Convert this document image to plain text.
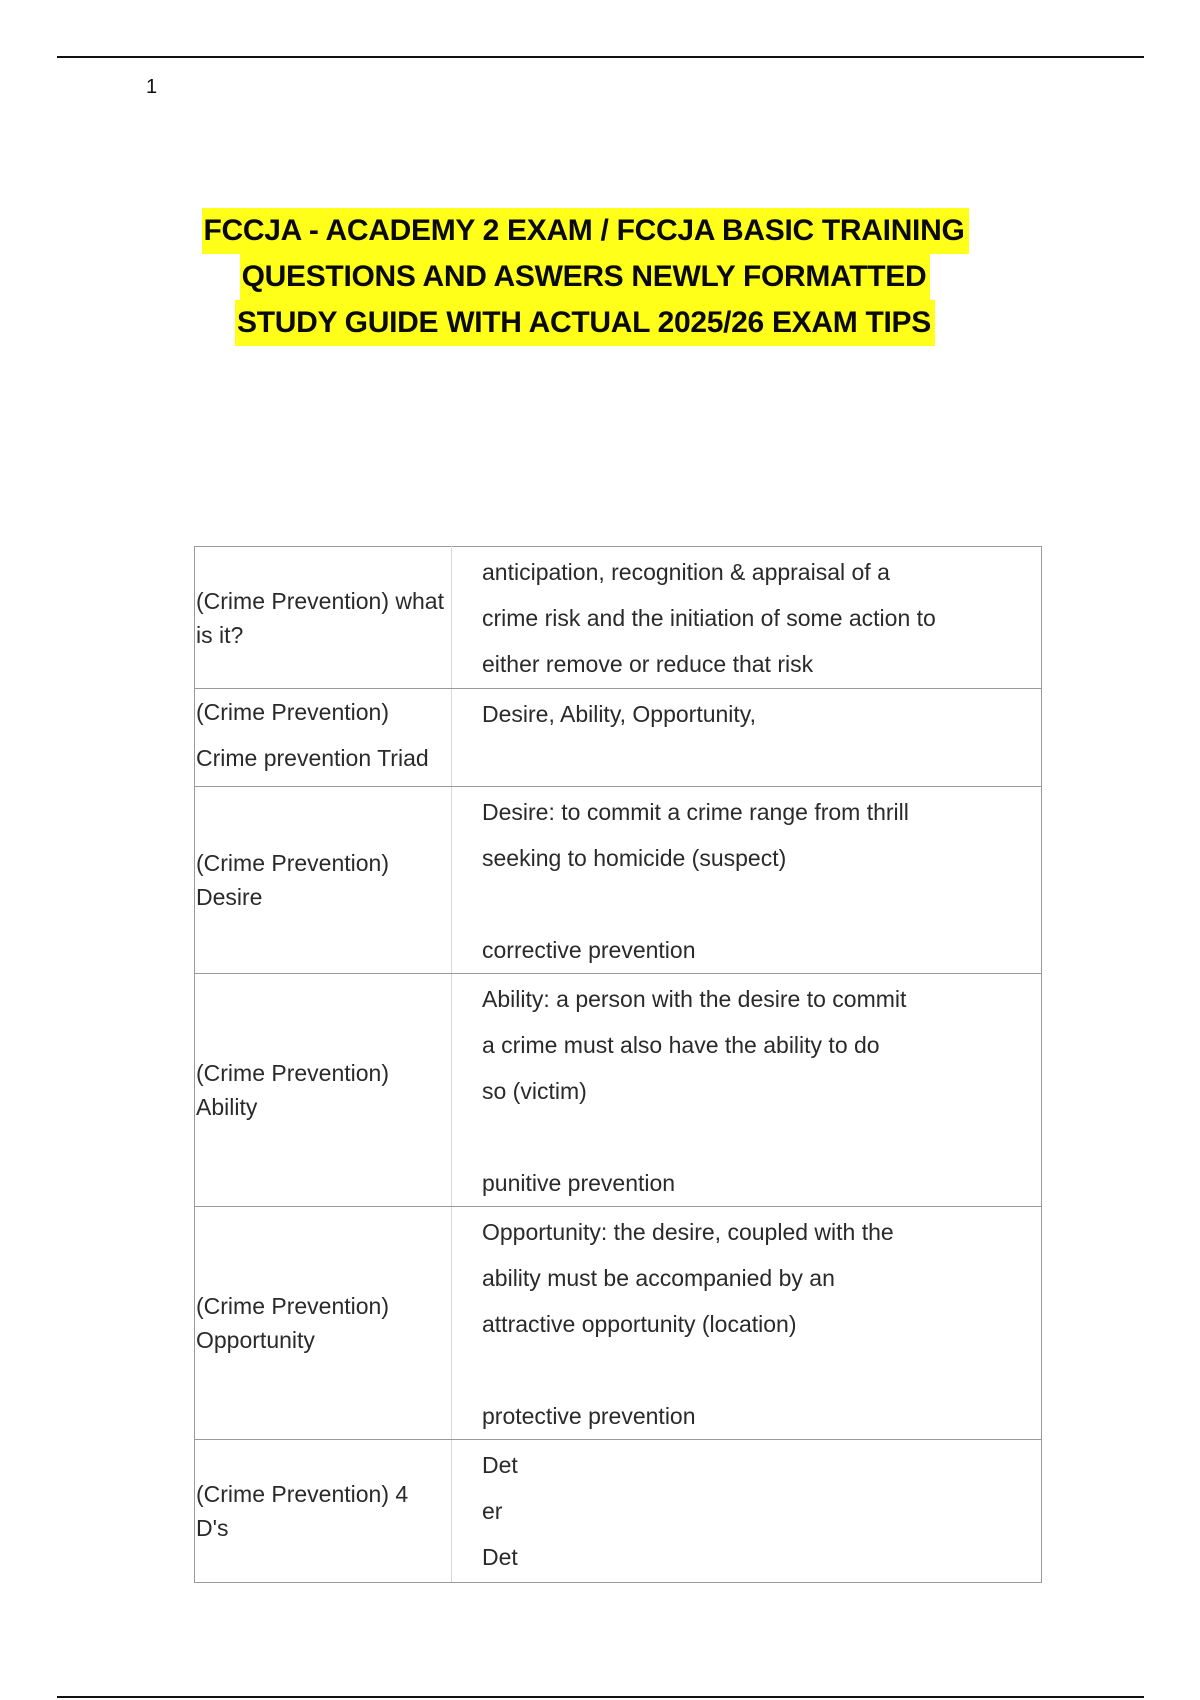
1
FCCJA - ACADEMY 2 EXAM / FCCJA BASIC TRAINING
QUESTIONS AND ASWERS NEWLY FORMATTED
STUDY GUIDE WITH ACTUAL 2025/26 EXAM TIPS
(Crime Prevention) what is it?	anticipation, recognition & appraisal of a
crime risk and the initiation of some action to
either remove or reduce that risk

(Crime Prevention)
Crime prevention Triad	Desire, Ability, Opportunity,

(Crime Prevention) Desire	Desire: to commit a crime range from thrill
seeking to homicide (suspect)
corrective prevention

(Crime Prevention) Ability	Ability: a person with the desire to commit
a crime must also have the ability to do
so (victim)
punitive prevention

(Crime Prevention) Opportunity	Opportunity: the desire, coupled with the
ability must be accompanied by an
attractive opportunity (location)
protective prevention

(Crime Prevention) 4 D's	Det
er
Det
